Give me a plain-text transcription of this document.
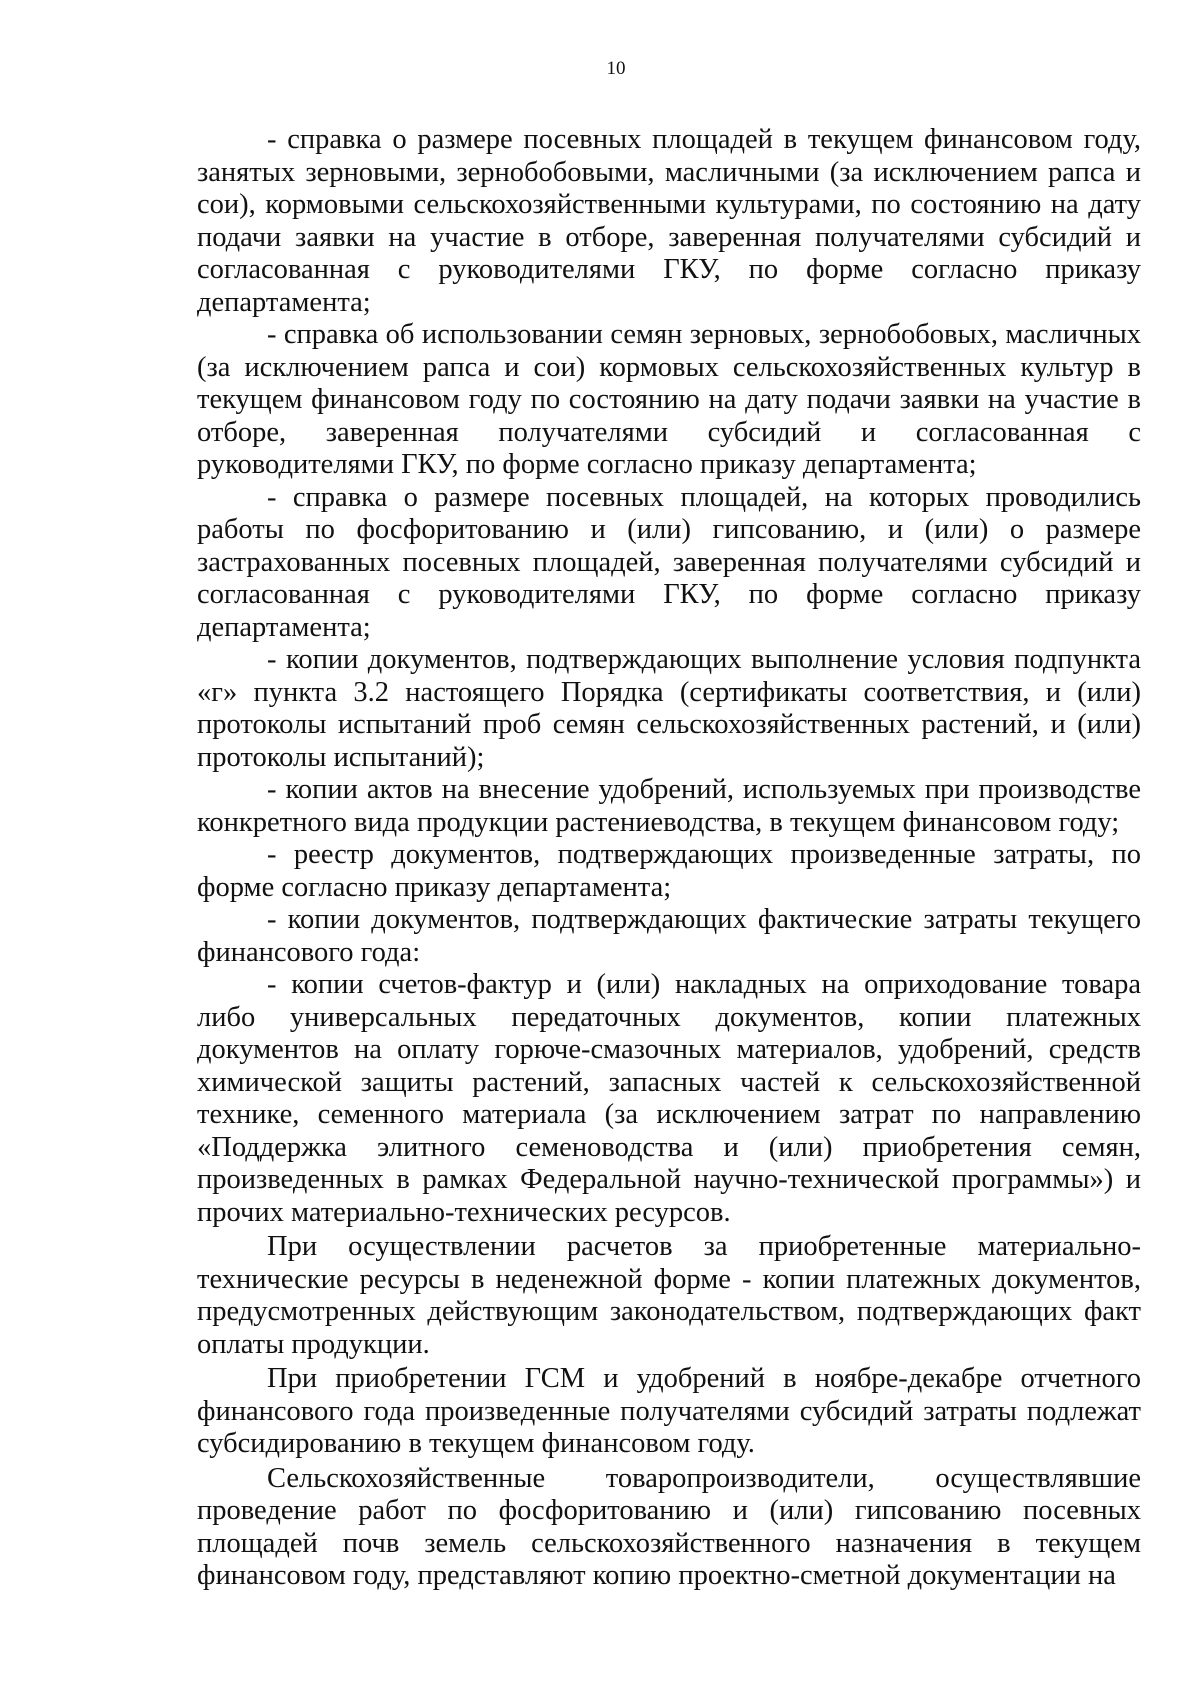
10

- справка о размере посевных площадей в текущем финансовом году, занятых зерновыми, зернобобовыми, масличными (за исключением рапса и сои), кормовыми сельскохозяйственными культурами, по состоянию на дату подачи заявки на участие в отборе, заверенная получателями субсидий и согласованная с руководителями ГКУ, по форме согласно приказу департамента;

- справка об использовании семян зерновых, зернобобовых, масличных (за исключением рапса и сои) кормовых сельскохозяйственных культур в текущем финансовом году по состоянию на дату подачи заявки на участие в отборе, заверенная получателями субсидий и согласованная с руководителями ГКУ, по форме согласно приказу департамента;

- справка о размере посевных площадей, на которых проводились работы по фосфоритованию и (или) гипсованию, и (или) о размере застрахованных посевных площадей, заверенная получателями субсидий и согласованная с руководителями ГКУ, по форме согласно приказу департамента;

- копии документов, подтверждающих выполнение условия подпункта «г» пункта 3.2 настоящего Порядка (сертификаты соответствия, и (или) протоколы испытаний проб семян сельскохозяйственных растений, и (или) протоколы испытаний);

- копии актов на внесение удобрений, используемых при производстве конкретного вида продукции растениеводства, в текущем финансовом году;

- реестр документов, подтверждающих произведенные затраты, по форме согласно приказу департамента;

- копии документов, подтверждающих фактические затраты текущего финансового года:

- копии счетов-фактур и (или) накладных на оприходование товара либо универсальных передаточных документов, копии платежных документов на оплату горюче-смазочных материалов, удобрений, средств химической защиты растений, запасных частей к сельскохозяйственной технике, семенного материала (за исключением затрат по направлению «Поддержка элитного семеноводства и (или) приобретения семян, произведенных в рамках Федеральной научно-технической программы») и прочих материально-технических ресурсов.

При осуществлении расчетов за приобретенные материально-технические ресурсы в неденежной форме - копии платежных документов, предусмотренных действующим законодательством, подтверждающих факт оплаты продукции.

При приобретении ГСМ и удобрений в ноябре-декабре отчетного финансового года произведенные получателями субсидий затраты подлежат субсидированию в текущем финансовом году.

Сельскохозяйственные товаропроизводители, осуществлявшие проведение работ по фосфоритованию и (или) гипсованию посевных площадей почв земель сельскохозяйственного назначения в текущем финансовом году, представляют копию проектно-сметной документации на
